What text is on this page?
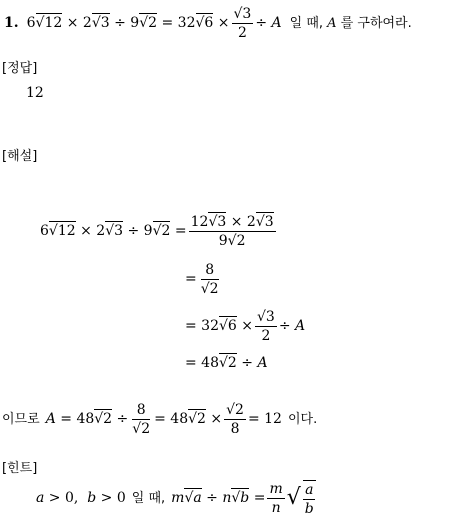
1. $6√12 \times 2√3 \div 9√2 = 32√6 \times \frac{√3}{2} \div A$ 일 때, A 를 구하여라.
[정답]
12
[해설]
$6√12 \times 2√3 \div 9√2 = \frac{12√3 \times 2√3}{9√2}$
= $\frac{8}{√2}$
= $32√6 \times \frac{√3}{2} \div A$
= 48√2 ÷ A
이므로 $A = 48√2 \div \frac{8}{√2} = 48√2 \times \frac{√2}{8} = 12$ 이다.
[힌트]
a > 0,  b > 0 일 때, $m√a \div n√b = \frac{m}{n}$ √ $\frac{a}{b}$
